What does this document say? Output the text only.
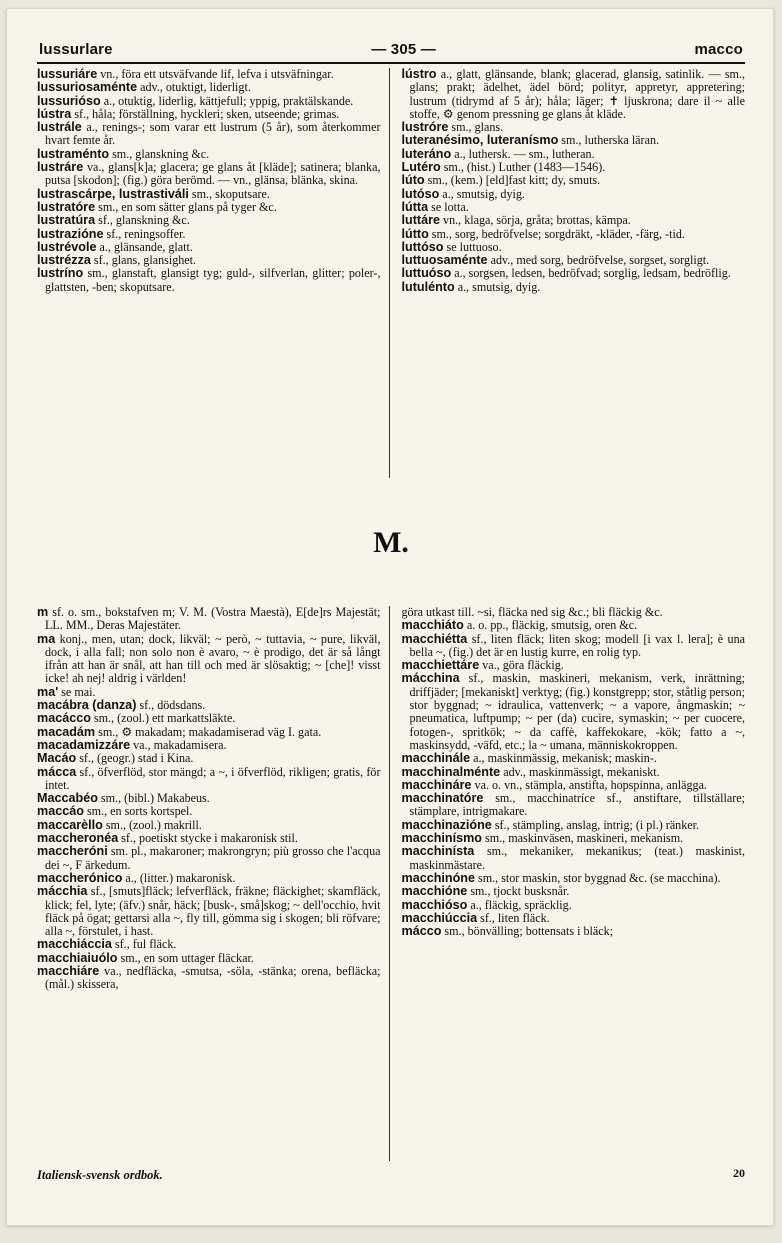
lussurlare	— 305 —	macco

lussuriáre vn., föra ett utsväfvande lif, lefva i utsväfningar.

lussuriosaménte adv., otuktigt, liderligt.

lussurióso a., otuktig, liderlig, kättjefull; yppig, praktälskande.

lústra sf., håla; förställning, hyckleri; sken, utseende; grimas.

lustrále a., renings-; som varar ett lustrum (5 år), som återkommer hvart femte år.

lustraménto sm., glanskning &c.

lustráre va., glans[k]a; glacera; ge glans åt [kläde]; satinera; blanka, putsa [skodon]; (fig.) göra berömd. — vn., glänsa, blänka, skina.

lustrascárpe, lustrastiváli sm., skoputsare.

lustratóre sm., en som sätter glans på tyger &c.

lustratúra sf., glanskning &c.

lustrazióne sf., reningsoffer.

lustrévole a., glänsande, glatt.

lustrézza sf., glans, glansighet.

lustríno sm., glanstaft, glansigt tyg; guld-, silfverlan, glitter; poler-, glattsten, -ben; skoputsare.

lústro a., glatt, glänsande, blank; glacerad, glansig, satinlik. — sm., glans; prakt; ädelhet, ädel börd; polityr, appretyr, appretering; lustrum (tidrymd af 5 år); håla; läger; ✝ ljuskrona; dare il ~ alle stoffe, ⚙ genom pressning ge glans åt kläde.

lustróre sm., glans.

luteranésimo, luteranísmo sm., lutherska läran.

luteráno a., luthersk. — sm., lutheran.

Lutéro sm., (hist.) Luther (1483—1546).

lúto sm., (kem.) [eld]fast kitt; dy, smuts.

lutóso a., smutsig, dyig.

lútta se lotta.

luttáre vn., klaga, sörja, gråta; brottas, kämpa.

lútto sm., sorg, bedröfvelse; sorgdräkt, -kläder, -färg, -tid.

luttóso se luttuoso.

luttuosaménte adv., med sorg, bedröfvelse, sorgset, sorgligt.

luttuóso a., sorgsen, ledsen, bedröfvad; sorglig, ledsam, bedröflig.

lutulénto a., smutsig, dyig.

M.

m sf. o. sm., bokstafven m; V. M. (Vostra Maestà), E[de]rs Majestät; LL. MM., Deras Majestäter.

ma konj., men, utan; dock, likväl; ~ però, ~ tuttavia, ~ pure, likväl, dock, i alla fall; non solo non è avaro, ~ è prodigo, det är så långt ifrån att han är snål, att han till och med är slösaktig; ~ [che]! visst icke! ah nej! aldrig i världen!

ma' se mai.

macábra (danza) sf., dödsdans.

macácco sm., (zool.) ett markattsläkte.

macadám sm., ⚙ makadam; makadamiserad väg I. gata.

macadamizzáre va., makadamisera.

Macáo sf., (geogr.) stad i Kina.

mácca sf., öfverflöd, stor mängd; a ~, i öfverflöd, rikligen; gratis, för intet.

Maccabéo sm., (bibl.) Makabeus.

maccáo sm., en sorts kortspel.

maccarèllo sm., (zool.) makrill.

maccheronéa sf., poetiskt stycke i makaronisk stil.

maccheróni sm. pl., makaroner; makrongryn; più grosso che l'acqua dei ~, F ärkedum.

maccherónico a., (litter.) makaronisk.

mácchia sf., [smuts]fläck; lefverfläck, fräkne; fläckighet; skamfläck, klick; fel, lyte; (äfv.) snår, häck; [busk-, små]skog; ~ dell'occhio, hvit fläck på ögat; gettarsi alla ~, fly till, gömma sig i skogen; bli röfvare; alla ~, förstulet, i hast.

macchiáccia sf., ful fläck.

macchiaiuólo sm., en som uttager fläckar.

macchiáre va., nedfläcka, -smutsa, -söla, -stänka; orena, befläcka; (mål.) skissera,

göra utkast till. ~si, fläcka ned sig &c.; bli fläckig &c.

macchiáto a. o. pp., fläckig, smutsig, oren &c.

macchiétta sf., liten fläck; liten skog; modell [i vax l. lera]; è una bella ~, (fig.) det är en lustig kurre, en rolig typ.

macchiettáre va., göra fläckig.

mácchina sf., maskin, maskineri, mekanism, verk, inrättning; driffjäder; [mekaniskt] verktyg; (fig.) konstgrepp; stor, ståtlig person; stor byggnad; ~ idraulica, vattenverk; ~ a vapore, ångmaskin; ~ pneumatica, luftpump; ~ per (da) cucire, symaskin; ~ per cuocere, fotogen-, spritkök; ~ da caffè, kaffekokare, -kök; fatto a ~, maskinsydd, -väfd, etc.; la ~ umana, människokroppen.

macchinále a., maskinmässig, mekanisk; maskin-.

macchinalménte adv., maskinmässigt, mekaniskt.

macchináre va. o. vn., stämpla, anstifta, hopspinna, anlägga.

macchinatóre sm., macchinatríce sf., anstiftare, tillställare; stämplare, intrigmakare.

macchinazióne sf., stämpling, anslag, intrig; (i pl.) ränker.

macchinísmo sm., maskinväsen, maskineri, mekanism.

macchinísta sm., mekaniker, mekanikus; (teat.) maskinist, maskinmästare.

macchinóne sm., stor maskin, stor byggnad &c. (se macchina).

macchióne sm., tjockt busksnår.

macchióso a., fläckig, spräcklig.

macchiúccia sf., liten fläck.

mácco sm., bönvälling; bottensats i bläck;

Italiensk-svensk ordbok.	20
